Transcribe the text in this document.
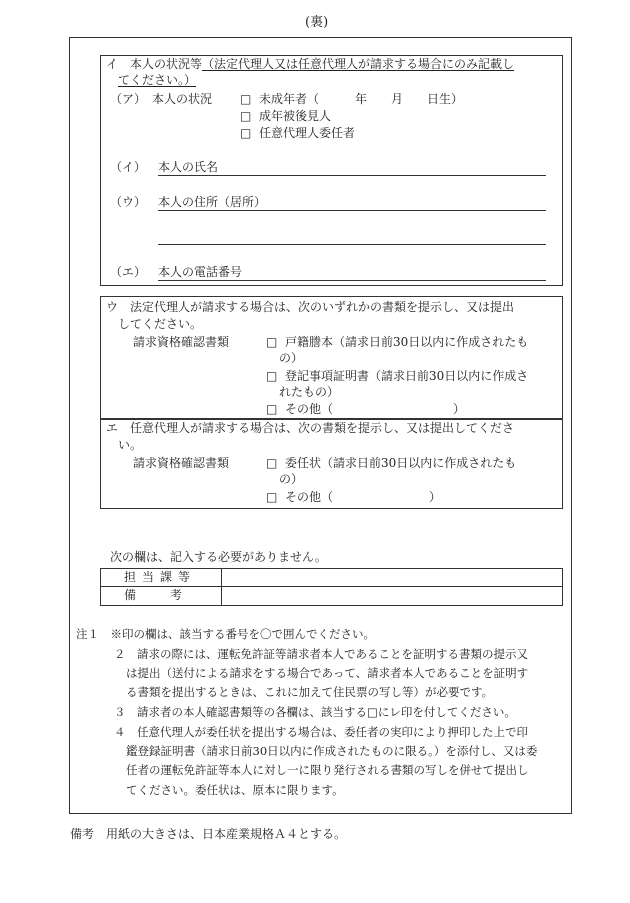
(裏)
イ　本人の状況等（法定代理人又は任意代理人が請求する場合にのみ記載し
てください。）
（ア）　本人の状況 □ 未成年者（　　　年　　月　　日生）
□ 成年被後見人
□ 任意代理人委任者
（イ） 本人の氏名
（ウ） 本人の住所（居所）
（エ） 本人の電話番号
ウ　法定代理人が請求する場合は、次のいずれかの書類を提示し、又は提出
してください。
請求資格確認書類	□ 戸籍謄本（請求日前30日以内に作成されたも
の）
□ 登記事項証明書（請求日前30日以内に作成さ
れたもの）
□ その他（　　　　　　　　　　）
エ　任意代理人が請求する場合は、次の書類を提示し、又は提出してくださ
い。
請求資格確認書類	□ 委任状（請求日前30日以内に作成されたも
の）
□ その他（　　　　　　　　）
次の欄は、記入する必要がありません。
担当課等
備考
注１　※印の欄は、該当する番号を〇で囲んでください。
２　請求の際には、運転免許証等請求者本人であることを証明する書類の提示又
は提出（送付による請求をする場合であって、請求者本人であることを証明す
る書類を提出するときは、これに加えて住民票の写し等）が必要です。
３　請求者の本人確認書類等の各欄は、該当する□にレ印を付してください。
４　任意代理人が委任状を提出する場合は、委任者の実印により押印した上で印
鑑登録証明書（請求日前30日以内に作成されたものに限る。）を添付し、又は委
任者の運転免許証等本人に対し一に限り発行される書類の写しを併せて提出し
てください。委任状は、原本に限ります。
備考　用紙の大きさは、日本産業規格Ａ４とする。
